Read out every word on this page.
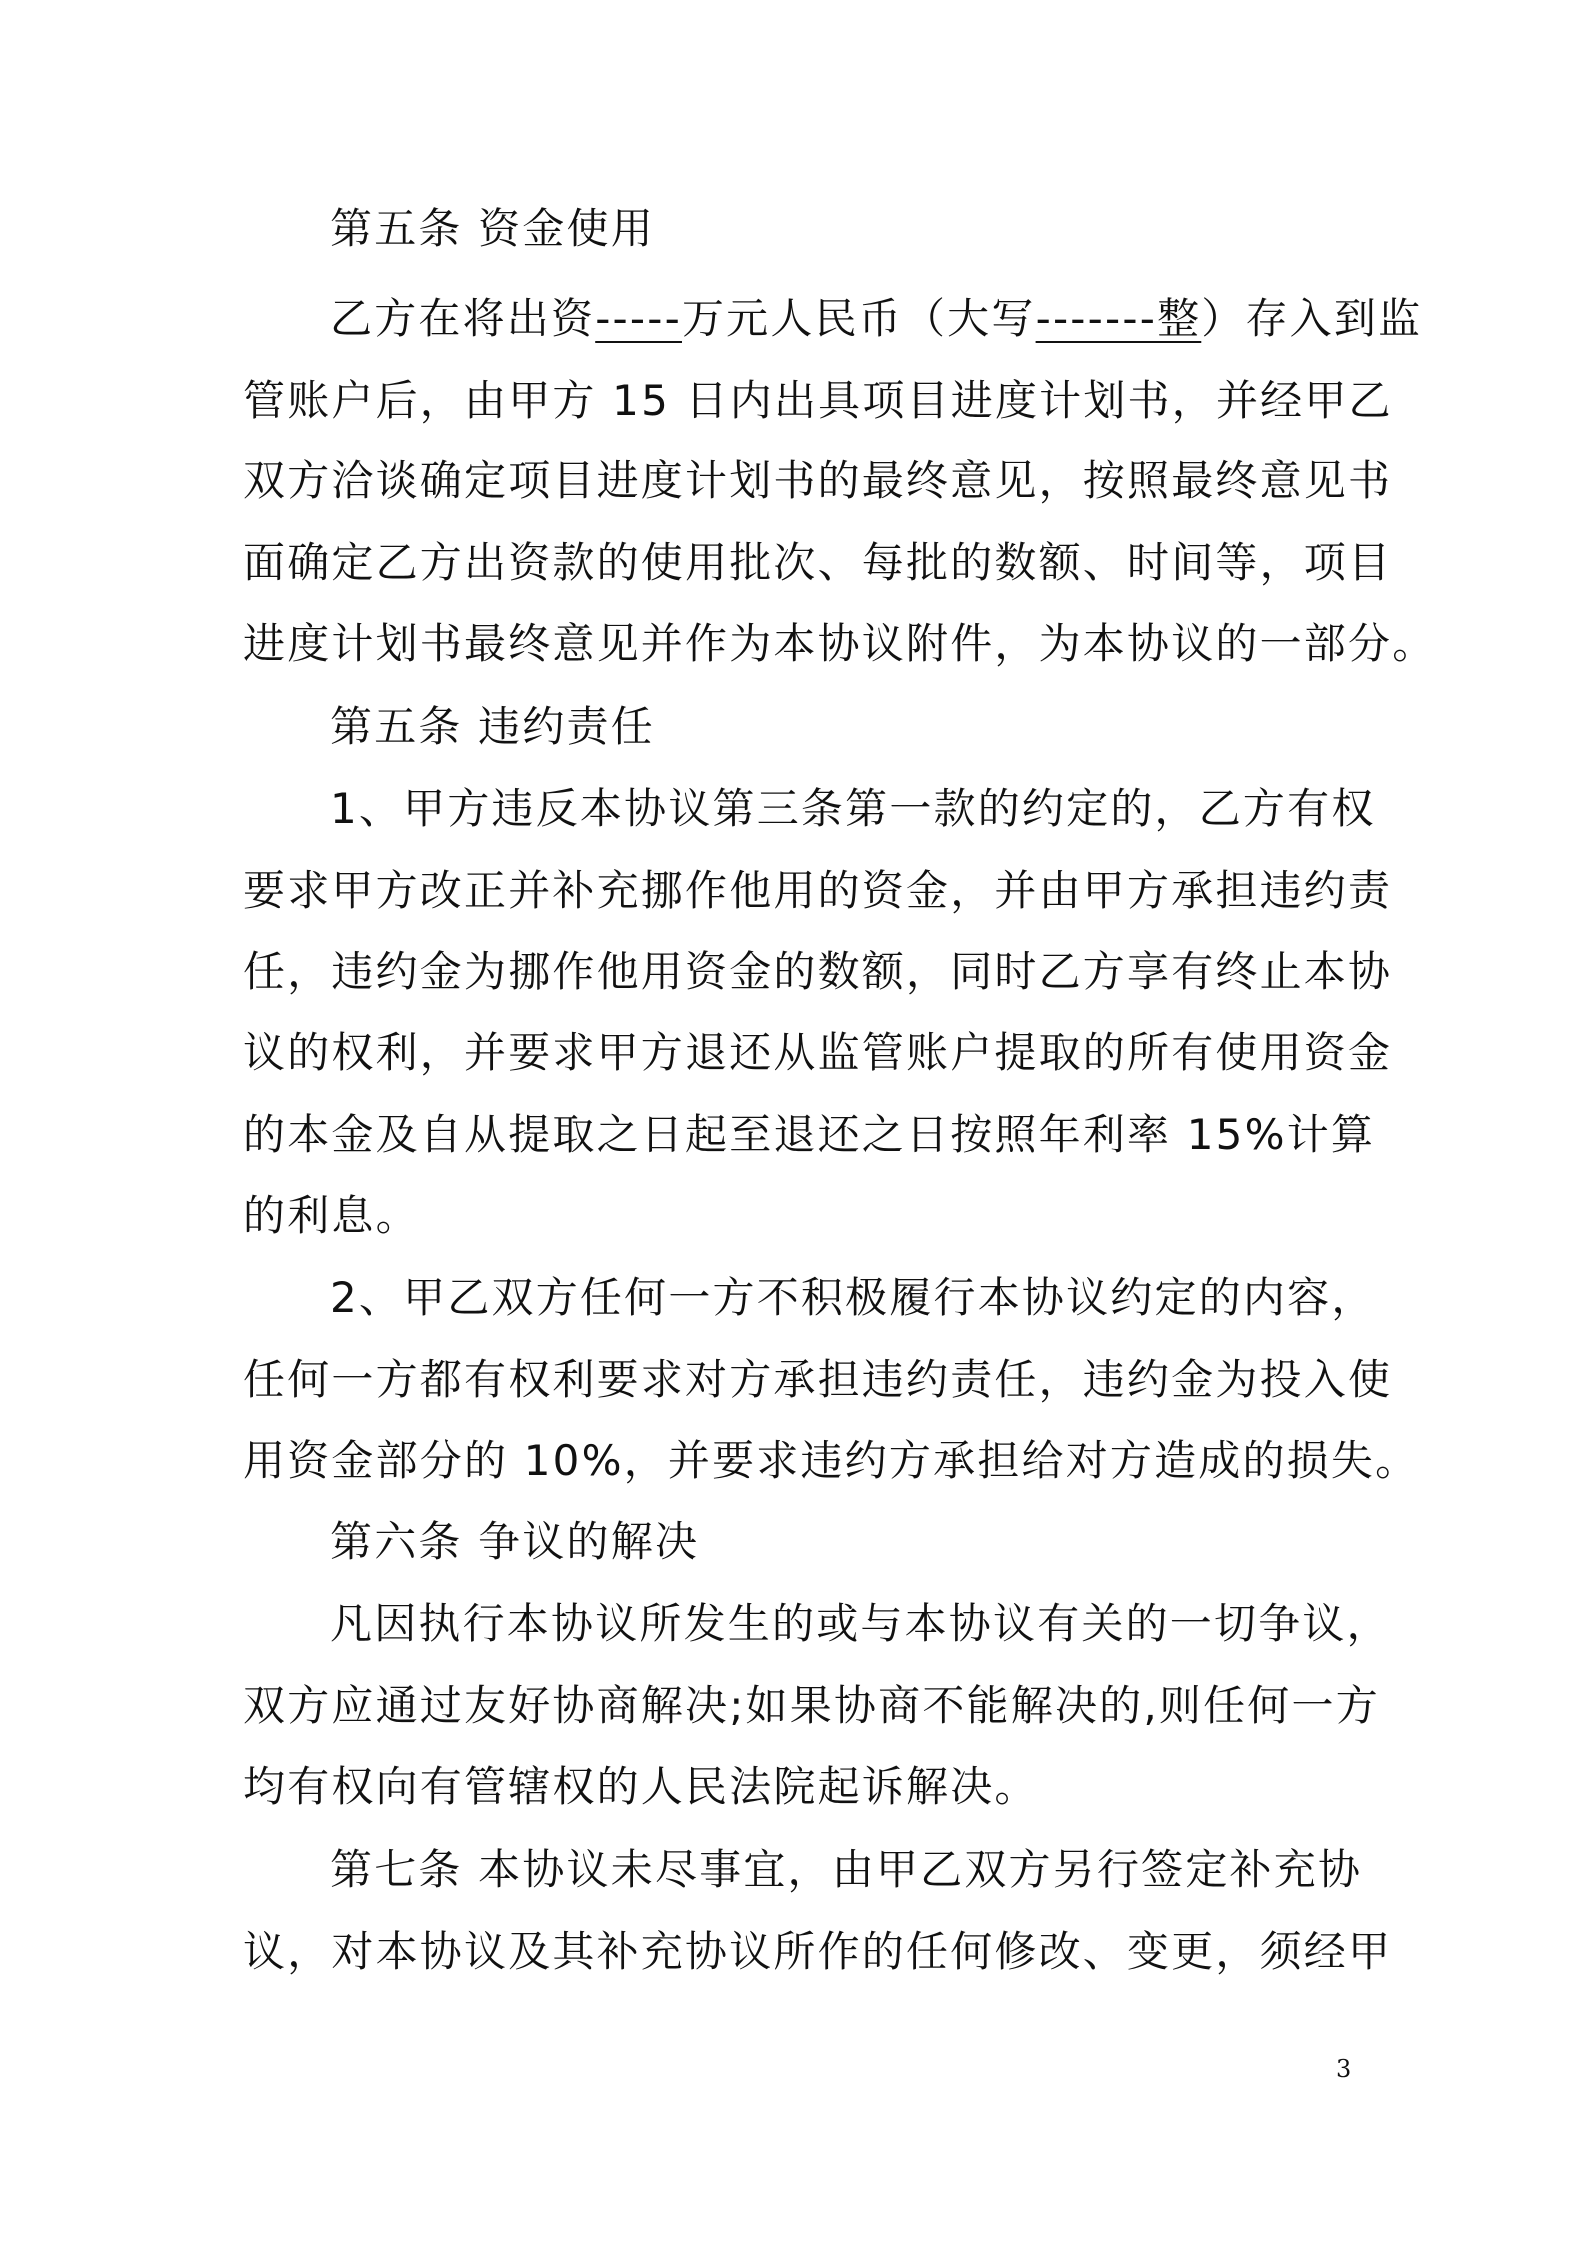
第五条 资金使用
乙方在将出资-----万元人民币（大写-------整）存入到监
管账户后，由甲方 15 日内出具项目进度计划书，并经甲乙
双方洽谈确定项目进度计划书的最终意见，按照最终意见书
面确定乙方出资款的使用批次、每批的数额、时间等，项目
进度计划书最终意见并作为本协议附件，为本协议的一部分。
第五条 违约责任
1、甲方违反本协议第三条第一款的约定的，乙方有权
要求甲方改正并补充挪作他用的资金，并由甲方承担违约责
任，违约金为挪作他用资金的数额，同时乙方享有终止本协
议的权利，并要求甲方退还从监管账户提取的所有使用资金
的本金及自从提取之日起至退还之日按照年利率 15%计算
的利息。
2、甲乙双方任何一方不积极履行本协议约定的内容，
任何一方都有权利要求对方承担违约责任，违约金为投入使
用资金部分的 10%，并要求违约方承担给对方造成的损失。
第六条 争议的解决
凡因执行本协议所发生的或与本协议有关的一切争议，
双方应通过友好协商解决;如果协商不能解决的,则任何一方
均有权向有管辖权的人民法院起诉解决。
第七条 本协议未尽事宜，由甲乙双方另行签定补充协
议，对本协议及其补充协议所作的任何修改、变更，须经甲
3
